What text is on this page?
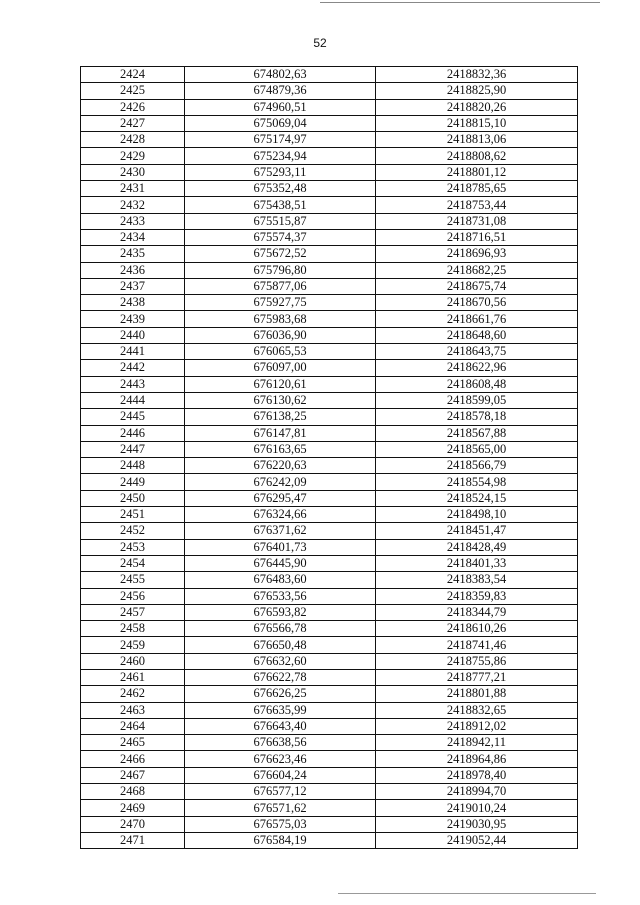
52
2424	674802,63	2418832,36
2425	674879,36	2418825,90
2426	674960,51	2418820,26
2427	675069,04	2418815,10
2428	675174,97	2418813,06
2429	675234,94	2418808,62
2430	675293,11	2418801,12
2431	675352,48	2418785,65
2432	675438,51	2418753,44
2433	675515,87	2418731,08
2434	675574,37	2418716,51
2435	675672,52	2418696,93
2436	675796,80	2418682,25
2437	675877,06	2418675,74
2438	675927,75	2418670,56
2439	675983,68	2418661,76
2440	676036,90	2418648,60
2441	676065,53	2418643,75
2442	676097,00	2418622,96
2443	676120,61	2418608,48
2444	676130,62	2418599,05
2445	676138,25	2418578,18
2446	676147,81	2418567,88
2447	676163,65	2418565,00
2448	676220,63	2418566,79
2449	676242,09	2418554,98
2450	676295,47	2418524,15
2451	676324,66	2418498,10
2452	676371,62	2418451,47
2453	676401,73	2418428,49
2454	676445,90	2418401,33
2455	676483,60	2418383,54
2456	676533,56	2418359,83
2457	676593,82	2418344,79
2458	676566,78	2418610,26
2459	676650,48	2418741,46
2460	676632,60	2418755,86
2461	676622,78	2418777,21
2462	676626,25	2418801,88
2463	676635,99	2418832,65
2464	676643,40	2418912,02
2465	676638,56	2418942,11
2466	676623,46	2418964,86
2467	676604,24	2418978,40
2468	676577,12	2418994,70
2469	676571,62	2419010,24
2470	676575,03	2419030,95
2471	676584,19	2419052,44
